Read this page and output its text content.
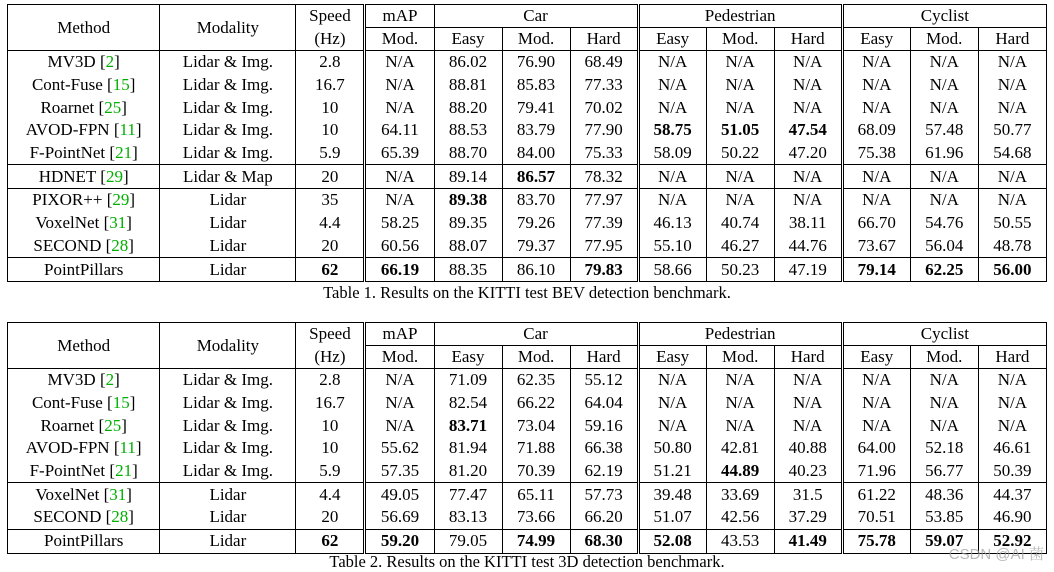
Method	Modality	Speed	mAP	Car			Pedestrian			Cyclist		
		(Hz)	Mod.	Easy	Mod.	Hard	Easy	Mod.	Hard	Easy	Mod.	Hard
MV3D [2]	Lidar & Img.	2.8	N/A	86.02	76.90	68.49	N/A	N/A	N/A	N/A	N/A	N/A
Cont-Fuse [15]	Lidar & Img.	16.7	N/A	88.81	85.83	77.33	N/A	N/A	N/A	N/A	N/A	N/A
Roarnet [25]	Lidar & Img.	10	N/A	88.20	79.41	70.02	N/A	N/A	N/A	N/A	N/A	N/A
AVOD-FPN [11]	Lidar & Img.	10	64.11	88.53	83.79	77.90	58.75	51.05	47.54	68.09	57.48	50.77
F-PointNet [21]	Lidar & Img.	5.9	65.39	88.70	84.00	75.33	58.09	50.22	47.20	75.38	61.96	54.68
HDNET [29]	Lidar & Map	20	N/A	89.14	86.57	78.32	N/A	N/A	N/A	N/A	N/A	N/A
PIXOR++ [29]	Lidar	35	N/A	89.38	83.70	77.97	N/A	N/A	N/A	N/A	N/A	N/A
VoxelNet [31]	Lidar	4.4	58.25	89.35	79.26	77.39	46.13	40.74	38.11	66.70	54.76	50.55
SECOND [28]	Lidar	20	60.56	88.07	79.37	77.95	55.10	46.27	44.76	73.67	56.04	48.78
PointPillars	Lidar	62	66.19	88.35	86.10	79.83	58.66	50.23	47.19	79.14	62.25	56.00
Table 1. Results on the KITTI test BEV detection benchmark.
Method	Modality	Speed	mAP	Car			Pedestrian			Cyclist		
		(Hz)	Mod.	Easy	Mod.	Hard	Easy	Mod.	Hard	Easy	Mod.	Hard
MV3D [2]	Lidar & Img.	2.8	N/A	71.09	62.35	55.12	N/A	N/A	N/A	N/A	N/A	N/A
Cont-Fuse [15]	Lidar & Img.	16.7	N/A	82.54	66.22	64.04	N/A	N/A	N/A	N/A	N/A	N/A
Roarnet [25]	Lidar & Img.	10	N/A	83.71	73.04	59.16	N/A	N/A	N/A	N/A	N/A	N/A
AVOD-FPN [11]	Lidar & Img.	10	55.62	81.94	71.88	66.38	50.80	42.81	40.88	64.00	52.18	46.61
F-PointNet [21]	Lidar & Img.	5.9	57.35	81.20	70.39	62.19	51.21	44.89	40.23	71.96	56.77	50.39
VoxelNet [31]	Lidar	4.4	49.05	77.47	65.11	57.73	39.48	33.69	31.5	61.22	48.36	44.37
SECOND [28]	Lidar	20	56.69	83.13	73.66	66.20	51.07	42.56	37.29	70.51	53.85	46.90
PointPillars	Lidar	62	59.20	79.05	74.99	68.30	52.08	43.53	41.49	75.78	59.07	52.92
Table 2. Results on the KITTI test 3D detection benchmark.	CSDN @AI 菌
